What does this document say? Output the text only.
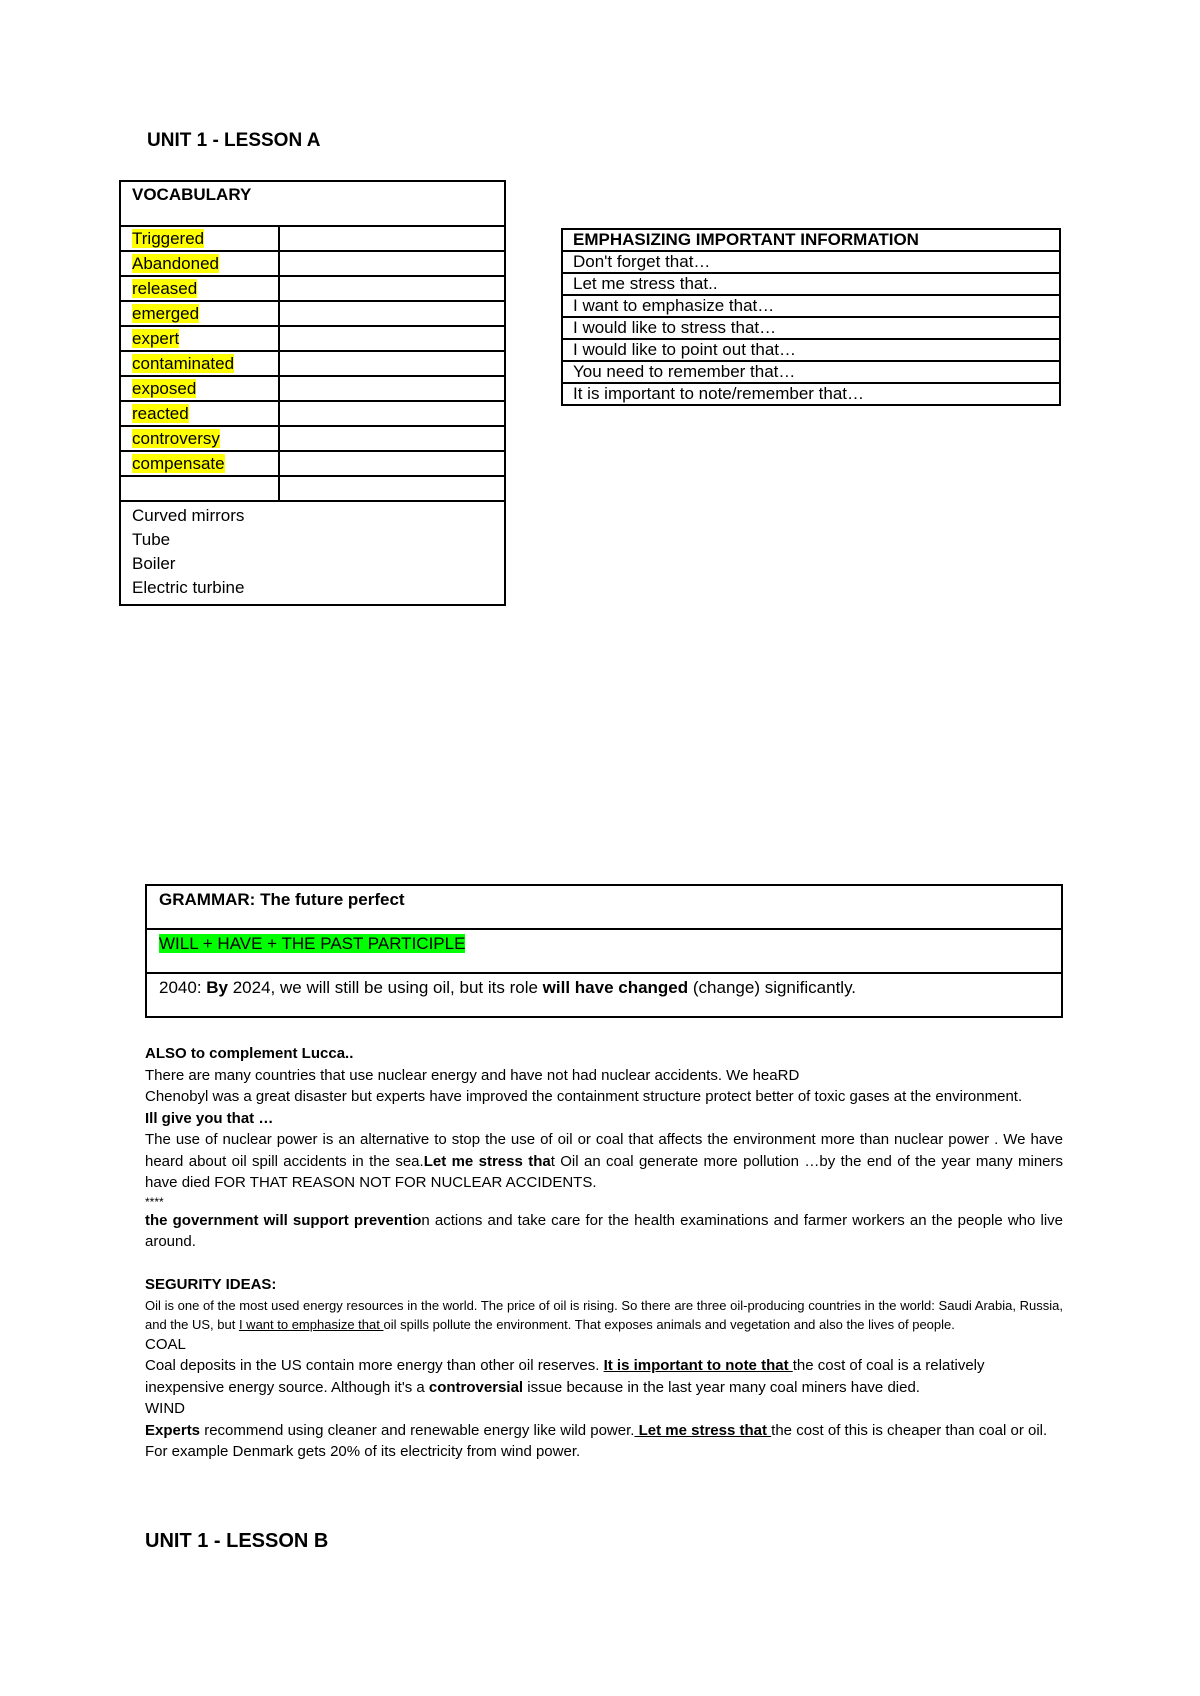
UNIT 1 - LESSON A
VOCABULARY	
Triggered	
Abandoned	
released	
emerged	
expert	
contaminated	
exposed	
reacted	
controversy	
compensate	

Curved mirrors
Tube
Boiler
Electric turbine	
EMPHASIZING IMPORTANT INFORMATION
Don't forget that…
Let me stress that..
I want to emphasize that…
I would like to stress that…
I would like to point out that…
You need to remember that…
It is important to note/remember that…
GRAMMAR: The future perfect
WILL + HAVE + THE PAST PARTICIPLE
2040: By 2024, we will still be using oil, but its role will have changed (change) significantly.

ALSO to complement Lucca..

There are many countries that use nuclear energy and have not had nuclear accidents. We heaRD

Chenobyl was a great disaster but experts have improved the containment structure protect better of toxic gases at the environment.

Ill give you that …

The use of nuclear power is an alternative to stop the use of oil or coal that affects the environment more than nuclear power . We have heard about oil spill accidents in the sea.Let me stress that Oil an coal generate more pollution …by the end of the year many miners have died FOR THAT REASON NOT FOR NUCLEAR ACCIDENTS.

****

the government will support prevention actions and take care for the health examinations and farmer workers an the people who live around.

SEGURITY IDEAS:

Oil is one of the most used energy resources in the world. The price of oil is rising. So there are three oil-producing countries in the world: Saudi Arabia, Russia, and the US, but I want to emphasize that oil spills pollute the environment. That exposes animals and vegetation and also the lives of people.

COAL

Coal deposits in the US contain more energy than other oil reserves. It is important to note that the cost of coal is a relatively inexpensive energy source. Although it's a controversial issue because in the last year many coal miners have died.

WIND

Experts recommend using cleaner and renewable energy like wild power. Let me stress that the cost of this is cheaper than coal or oil. For example Denmark gets 20% of its electricity from wind power.

UNIT 1 - LESSON B
